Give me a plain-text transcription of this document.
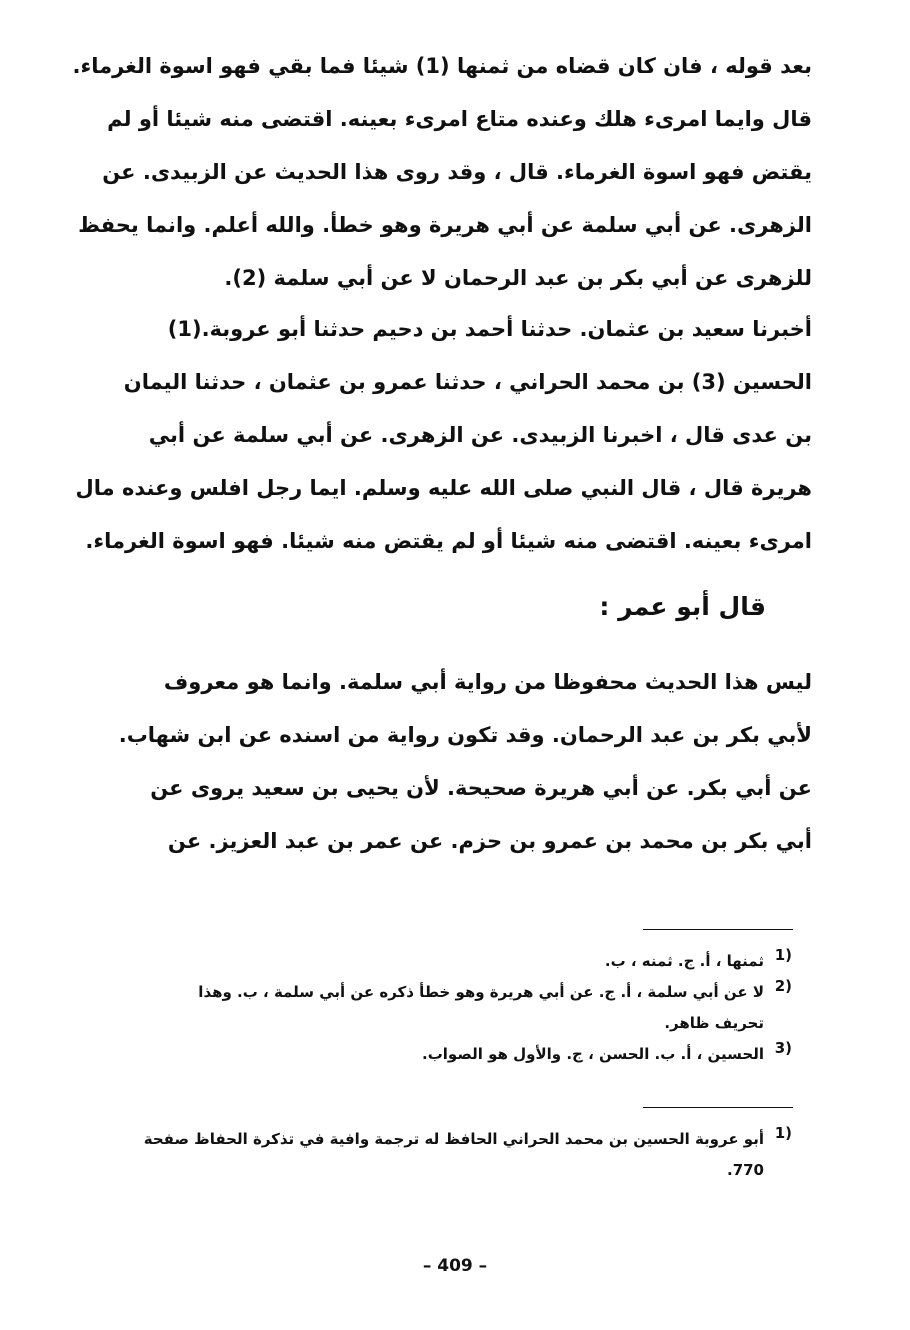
بعد قوله ، فان كان قضاه من ثمنها (1) شيئا فما بقي فهو اسوة الغرماء.
قال وايما امرىء هلك وعنده متاع امرىء بعينه. اقتضى منه شيئا أو لم
يقتض فهو اسوة الغرماء. قال ، وقد روى هذا الحديث عن الزبيدى. عن
الزهرى. عن أبي سلمة عن أبي هريرة وهو خطأ. والله أعلم. وانما يحفظ
للزهرى عن أبي بكر بن عبد الرحمان لا عن أبي سلمة (2).
أخبرنا سعيد بن عثمان. حدثنا أحمد بن دحيم حدثنا أبو عروبة.(1)
الحسين (3) بن محمد الحراني ، حدثنا عمرو بن عثمان ، حدثنا اليمان
بن عدى قال ، اخبرنا الزبيدى. عن الزهرى. عن أبي سلمة عن أبي
هريرة قال ، قال النبي صلى الله عليه وسلم. ايما رجل افلس وعنده مال
امرىء بعينه. اقتضى منه شيئا أو لم يقتض منه شيئا. فهو اسوة الغرماء.
قال أبو عمر :
ليس هذا الحديث محفوظا من رواية أبي سلمة. وانما هو معروف
لأبي بكر بن عبد الرحمان. وقد تكون رواية من اسنده عن ابن شهاب.
عن أبي بكر. عن أبي هريرة صحيحة. لأن يحيى بن سعيد يروى عن
أبي بكر بن محمد بن عمرو بن حزم. عن عمر بن عبد العزيز. عن
1)
ثمنها ، أ. ج. ثمنه ، ب.
2)
لا عن أبي سلمة ، أ. ج. عن أبي هريرة وهو خطأ ذكره عن أبي سلمة ، ب. وهذا
تحريف ظاهر.
3)
الحسين ، أ. ب. الحسن ، ج. والأول هو الصواب.
1)
أبو عروبة الحسين بن محمد الحراني الحافظ له ترجمة وافية في تذكرة الحفاظ صفحة
770.
– 409 –
